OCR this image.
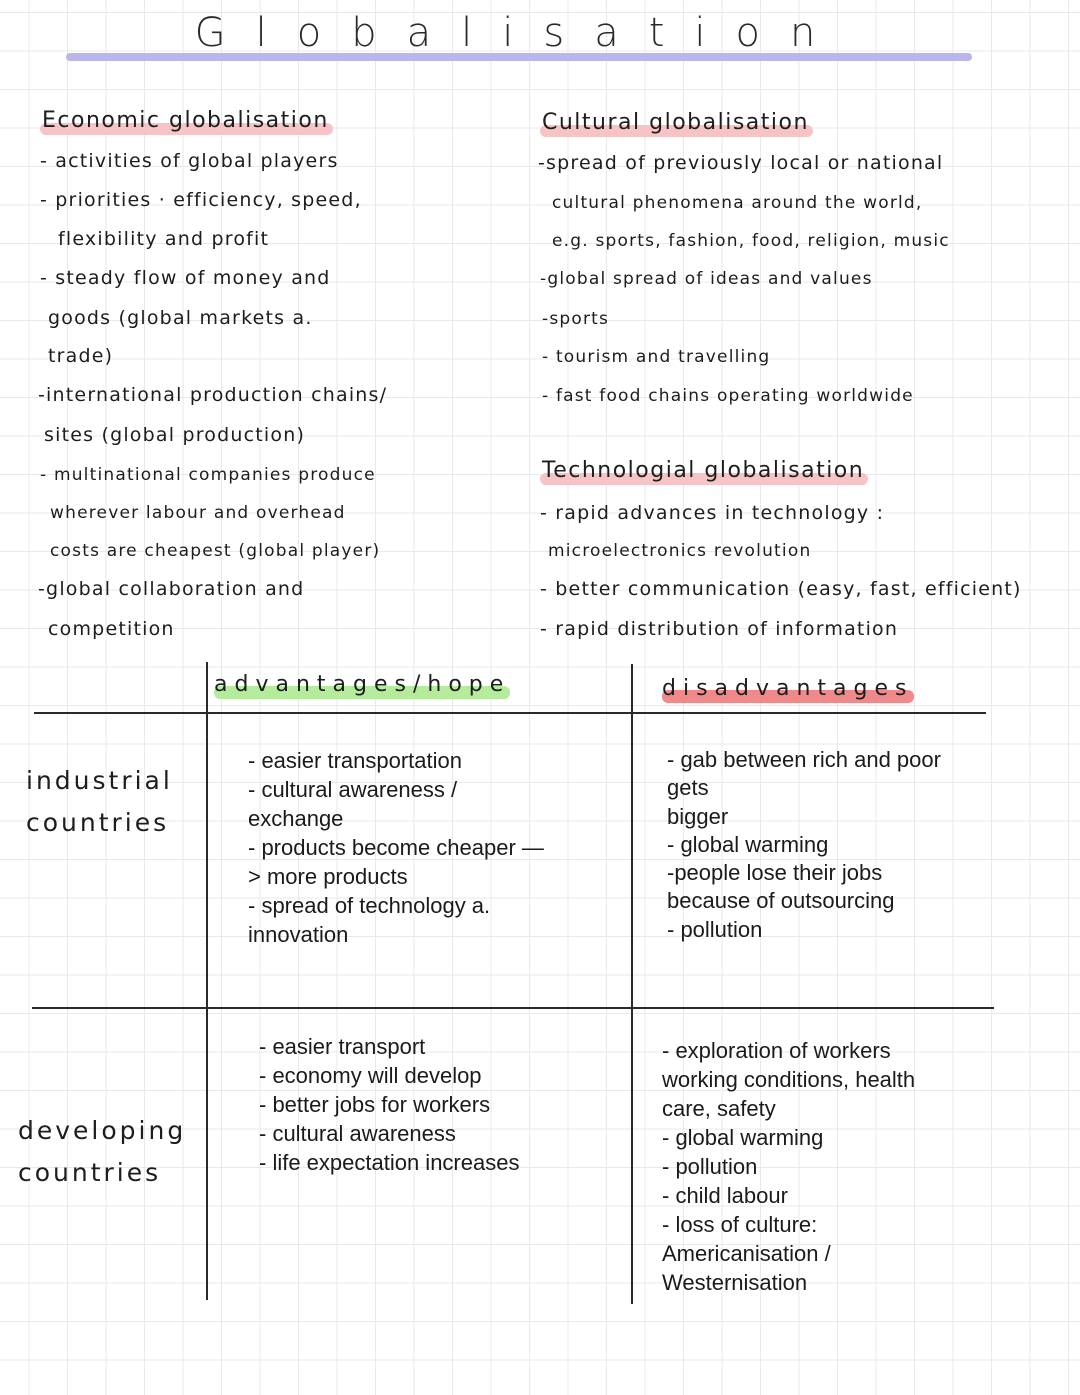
Globalisation
Economic globalisation
- activities of global players
- priorities · efficiency, speed,
flexibility and profit
- steady flow of money and
goods (global markets a.
trade)
-international production chains/
sites (global production)
- multinational companies produce
wherever labour and overhead
costs are cheapest (global player)
-global collaboration and
competition
Cultural globalisation
-spread of previously local or national
cultural phenomena around the world,
e.g. sports, fashion, food, religion, music
-global spread of ideas and values
-sports
- tourism and travelling
- fast food chains operating worldwide
Technologial globalisation
- rapid advances in technology :
microelectronics revolution
- better communication (easy, fast, efficient)
- rapid distribution of information
advantages/hope	disadvantages
industrial
countries
- easier transportation
- cultural awareness /
exchange
- products become cheaper —
> more products
- spread of technology a.
innovation
- gab between rich and poor
gets
bigger
- global warming
-people lose their jobs
because of outsourcing
- pollution
developing
countries
- easier transport
- economy will develop
- better jobs for workers
- cultural awareness
- life expectation increases
- exploration of workers
working conditions, health
care, safety
- global warming
- pollution
- child labour
- loss of culture:
Americanisation /
Westernisation
